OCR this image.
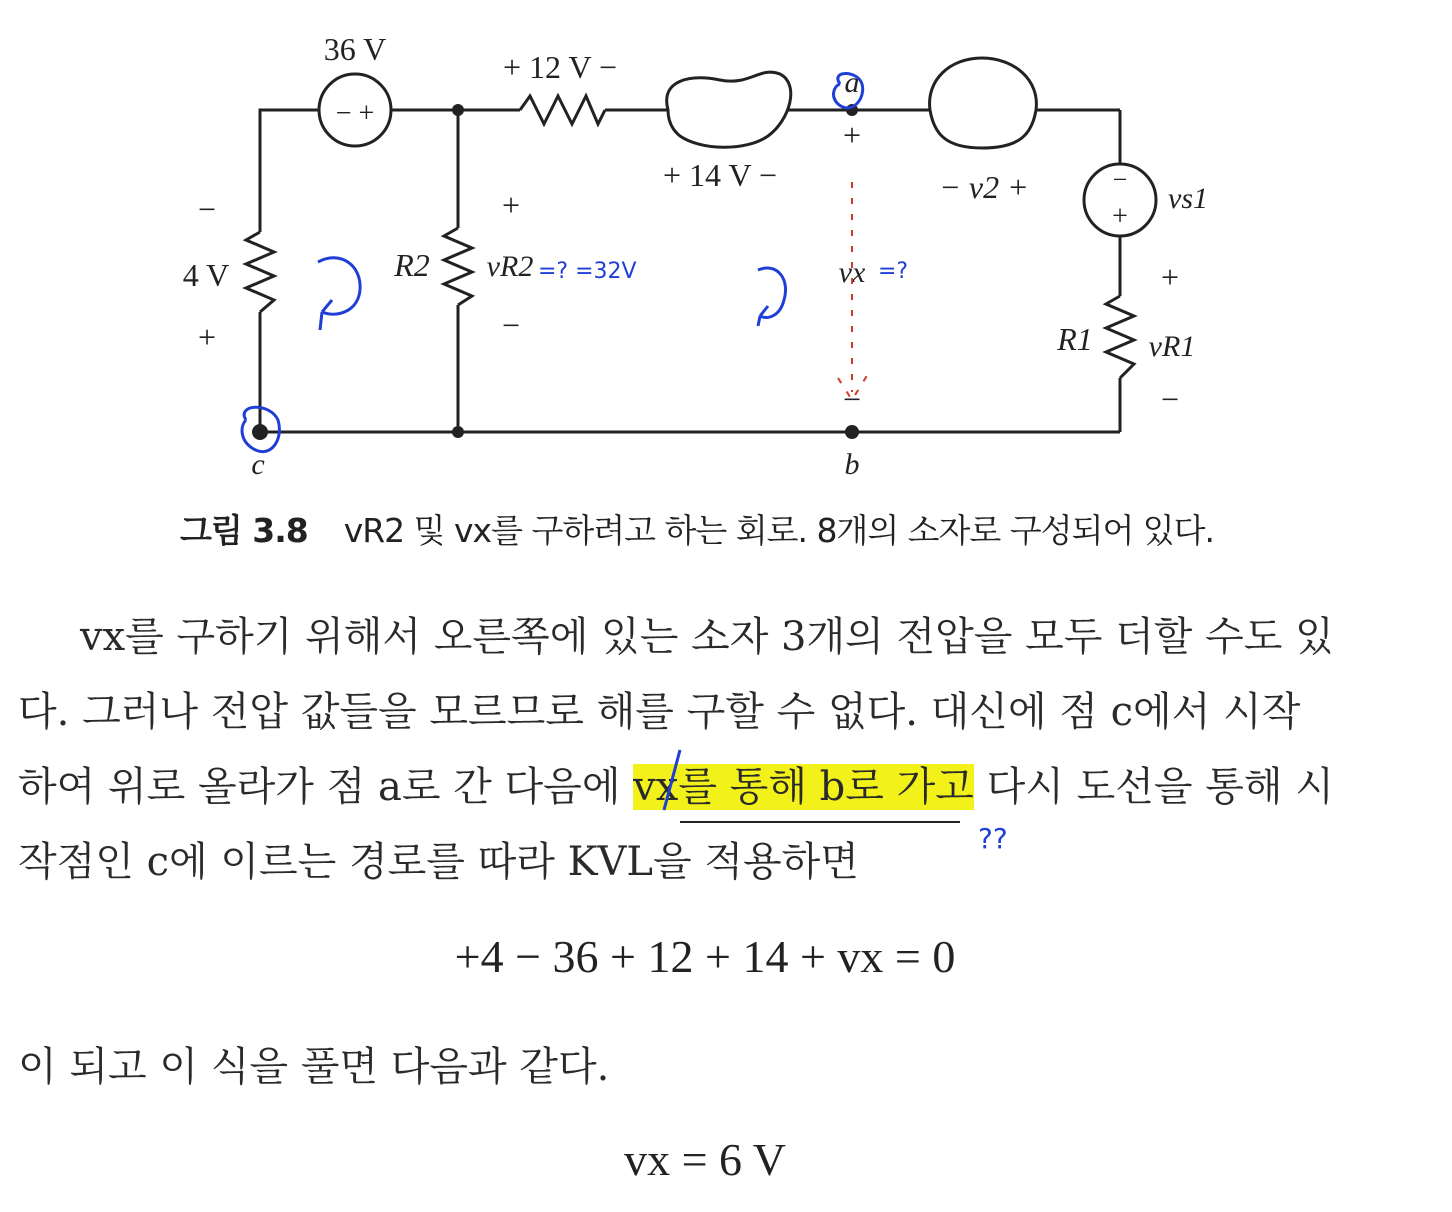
− +
−
+
36 V	+ 12 V −
+ 14 V −
−
4 V
+
R2
+
vR2
−
a
+
vx
−
b
c
− v2 +	vs1
+
R1 vR1
−
=? =32V	=?
그림 3.8 vR2 및 vx를 구하려고 하는 회로. 8개의 소자로 구성되어 있다.

vx를 구하기 위해서 오른쪽에 있는 소자 3개의 전압을 모두 더할 수도 있

다. 그러나 전압 값들을 모르므로 해를 구할 수 없다. 대신에 점 c에서 시작

하여 위로 올라가 점 a로 간 다음에 vx를 통해 b로 가고 다시 도선을 통해 시

작점인 c에 이르는 경로를 따라 KVL을 적용하면

??
+4 − 36 + 12 + 14 + vx = 0

이 되고 이 식을 풀면 다음과 같다.

vx = 6 V
